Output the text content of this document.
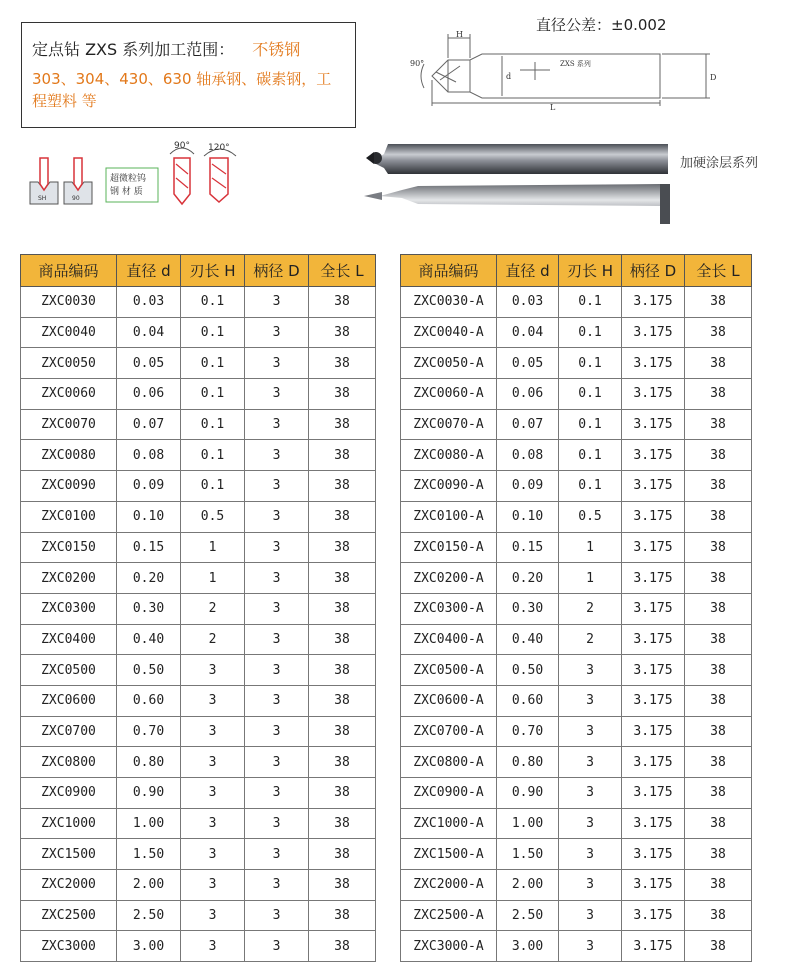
定点钻 ZXS 系列加工范围： 不锈钢
303、304、430、630 轴承钢、碳素钢，工程塑料 等
直径公差：±0.002
H
d	D
L
90°	ZXS 系列
加硬涂层系列
SH	90
超微粒钨钢 材 质
90° 120°
商品编码	直径 d	刃长 H	柄径 D	全长 L
ZXC0030	0.03	0.1	3	38
ZXC0040	0.04	0.1	3	38
ZXC0050	0.05	0.1	3	38
ZXC0060	0.06	0.1	3	38
ZXC0070	0.07	0.1	3	38
ZXC0080	0.08	0.1	3	38
ZXC0090	0.09	0.1	3	38
ZXC0100	0.10	0.5	3	38
ZXC0150	0.15	1	3	38
ZXC0200	0.20	1	3	38
ZXC0300	0.30	2	3	38
ZXC0400	0.40	2	3	38
ZXC0500	0.50	3	3	38
ZXC0600	0.60	3	3	38
ZXC0700	0.70	3	3	38
ZXC0800	0.80	3	3	38
ZXC0900	0.90	3	3	38
ZXC1000	1.00	3	3	38
ZXC1500	1.50	3	3	38
ZXC2000	2.00	3	3	38
ZXC2500	2.50	3	3	38
ZXC3000	3.00	3	3	38
商品编码	直径 d	刃长 H	柄径 D	全长 L
ZXC0030-A	0.03	0.1	3.175	38
ZXC0040-A	0.04	0.1	3.175	38
ZXC0050-A	0.05	0.1	3.175	38
ZXC0060-A	0.06	0.1	3.175	38
ZXC0070-A	0.07	0.1	3.175	38
ZXC0080-A	0.08	0.1	3.175	38
ZXC0090-A	0.09	0.1	3.175	38
ZXC0100-A	0.10	0.5	3.175	38
ZXC0150-A	0.15	1	3.175	38
ZXC0200-A	0.20	1	3.175	38
ZXC0300-A	0.30	2	3.175	38
ZXC0400-A	0.40	2	3.175	38
ZXC0500-A	0.50	3	3.175	38
ZXC0600-A	0.60	3	3.175	38
ZXC0700-A	0.70	3	3.175	38
ZXC0800-A	0.80	3	3.175	38
ZXC0900-A	0.90	3	3.175	38
ZXC1000-A	1.00	3	3.175	38
ZXC1500-A	1.50	3	3.175	38
ZXC2000-A	2.00	3	3.175	38
ZXC2500-A	2.50	3	3.175	38
ZXC3000-A	3.00	3	3.175	38
